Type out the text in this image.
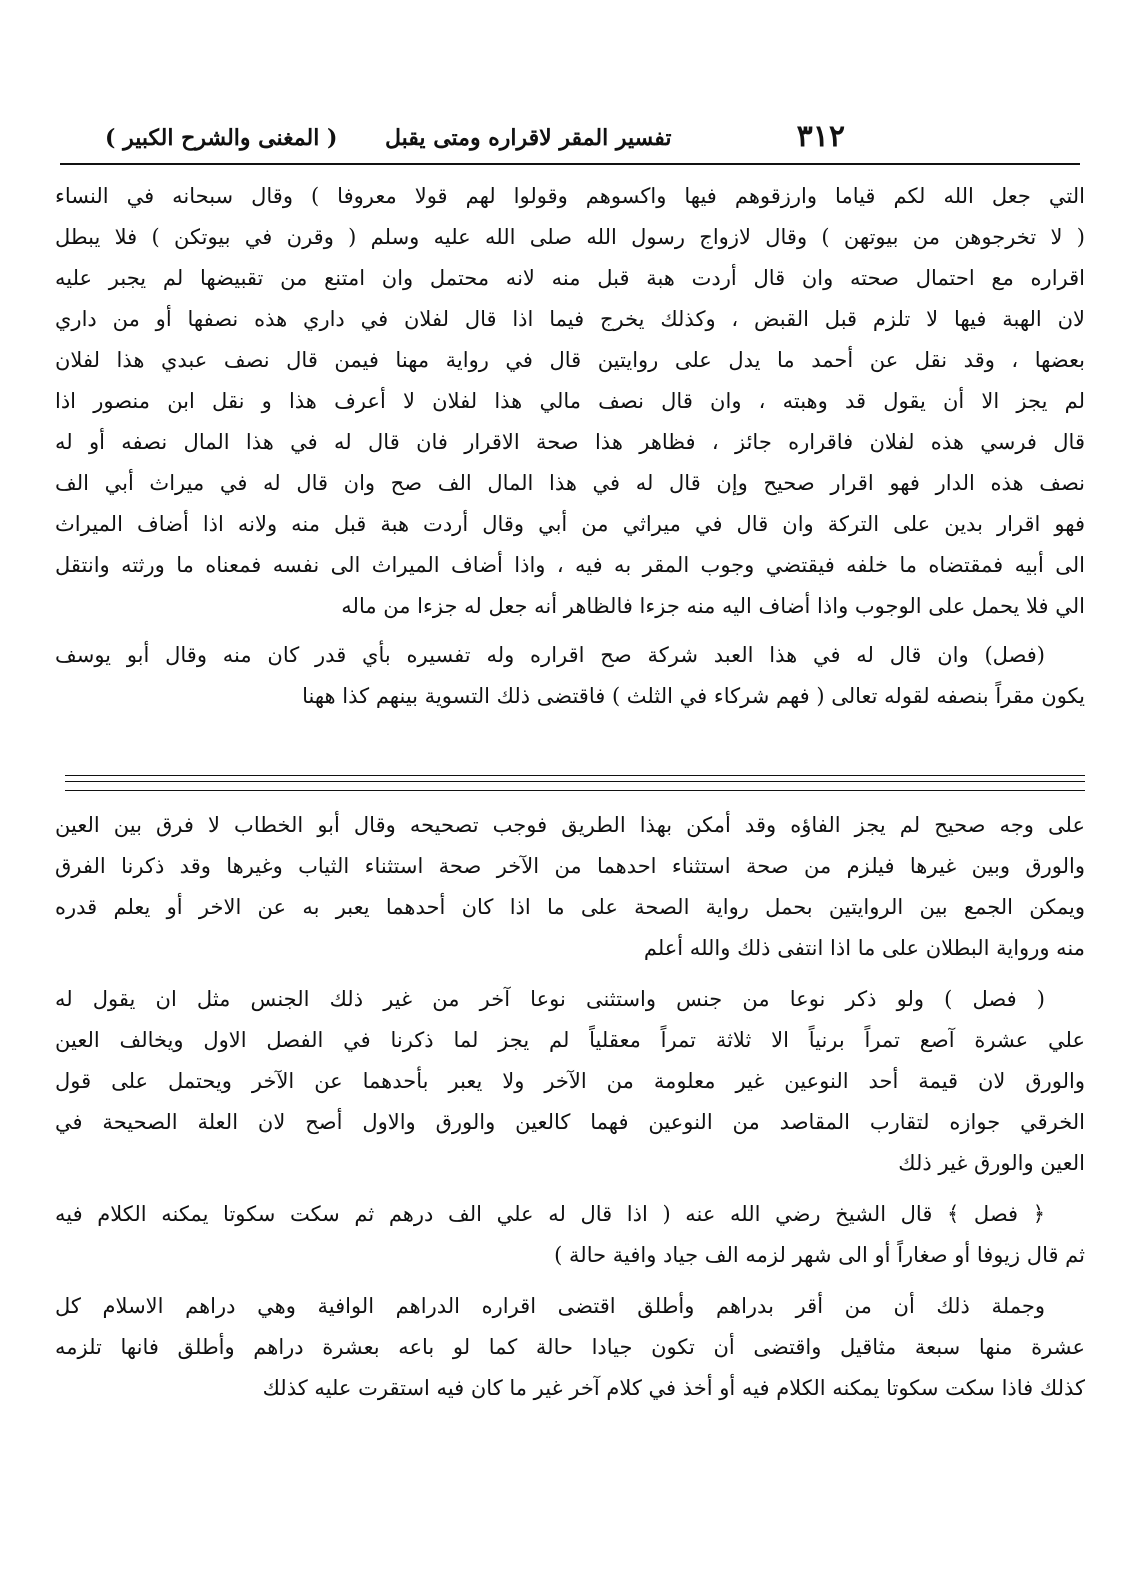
٣١٢
تفسير المقر لاقراره ومتى يقبل
( المغنى والشرح الكبير )
التي جعل الله لكم قياما وارزقوهم فيها واكسوهم وقولوا لهم قولا معروفا ) وقال سبحانه في النساء
( لا تخرجوهن من بيوتهن ) وقال لازواج رسول الله صلى الله عليه وسلم ( وقرن في بيوتكن ) فلا يبطل
اقراره مع احتمال صحته وان قال أردت هبة قبل منه لانه محتمل وان امتنع من تقبيضها لم يجبر عليه
لان الهبة فيها لا تلزم قبل القبض ، وكذلك يخرج فيما اذا قال لفلان في داري هذه نصفها أو من داري
بعضها ، وقد نقل عن أحمد ما يدل على روايتين قال في رواية مهنا فيمن قال نصف عبدي هذا لفلان
لم يجز الا أن يقول قد وهبته ، وان قال نصف مالي هذا لفلان لا أعرف هذا و نقل ابن منصور اذا
قال فرسي هذه لفلان فاقراره جائز ، فظاهر هذا صحة الاقرار فان قال له في هذا المال نصفه أو له
نصف هذه الدار فهو اقرار صحيح وإن قال له في هذا المال الف صح وان قال له في ميراث أبي الف
فهو اقرار بدين على التركة وان قال في ميراثي من أبي وقال أردت هبة قبل منه ولانه اذا أضاف الميراث
الى أبيه فمقتضاه ما خلفه فيقتضي وجوب المقر به فيه ، واذا أضاف الميراث الى نفسه فمعناه ما ورثته وانتقل
الي فلا يحمل على الوجوب واذا أضاف اليه منه جزءا فالظاهر أنه جعل له جزءا من ماله
(فصل) وان قال له في هذا العبد شركة صح اقراره وله تفسيره بأي قدر كان منه وقال أبو يوسف
يكون مقراً بنصفه لقوله تعالى ( فهم شركاء في الثلث ) فاقتضى ذلك التسوية بينهم كذا ههنا
على وجه صحيح لم يجز الفاؤه وقد أمكن بهذا الطريق فوجب تصحيحه وقال أبو الخطاب لا فرق بين العين
والورق وبين غيرها فيلزم من صحة استثناء احدهما من الآخر صحة استثناء الثياب وغيرها وقد ذكرنا الفرق
ويمكن الجمع بين الروايتين بحمل رواية الصحة على ما اذا كان أحدهما يعبر به عن الاخر أو يعلم قدره
منه ورواية البطلان على ما اذا انتفى ذلك والله أعلم
( فصل ) ولو ذكر نوعا من جنس واستثنى نوعا آخر من غير ذلك الجنس مثل ان يقول له
علي عشرة آصع تمراً برنياً الا ثلاثة تمراً معقلياً لم يجز لما ذكرنا في الفصل الاول ويخالف العين
والورق لان قيمة أحد النوعين غير معلومة من الآخر ولا يعبر بأحدهما عن الآخر ويحتمل على قول
الخرقي جوازه لتقارب المقاصد من النوعين فهما كالعين والورق والاول أصح لان العلة الصحيحة في
العين والورق غير ذلك
﴿ فصل ﴾ قال الشيخ رضي الله عنه ( اذا قال له علي الف درهم ثم سكت سكوتا يمكنه الكلام فيه
ثم قال زيوفا أو صغاراً أو الى شهر لزمه الف جياد وافية حالة )
وجملة ذلك أن من أقر بدراهم وأطلق اقتضى اقراره الدراهم الوافية وهي دراهم الاسلام كل
عشرة منها سبعة مثاقيل واقتضى أن تكون جيادا حالة كما لو باعه بعشرة دراهم وأطلق فانها تلزمه
كذلك فاذا سكت سكوتا يمكنه الكلام فيه أو أخذ في كلام آخر غير ما كان فيه استقرت عليه كذلك
